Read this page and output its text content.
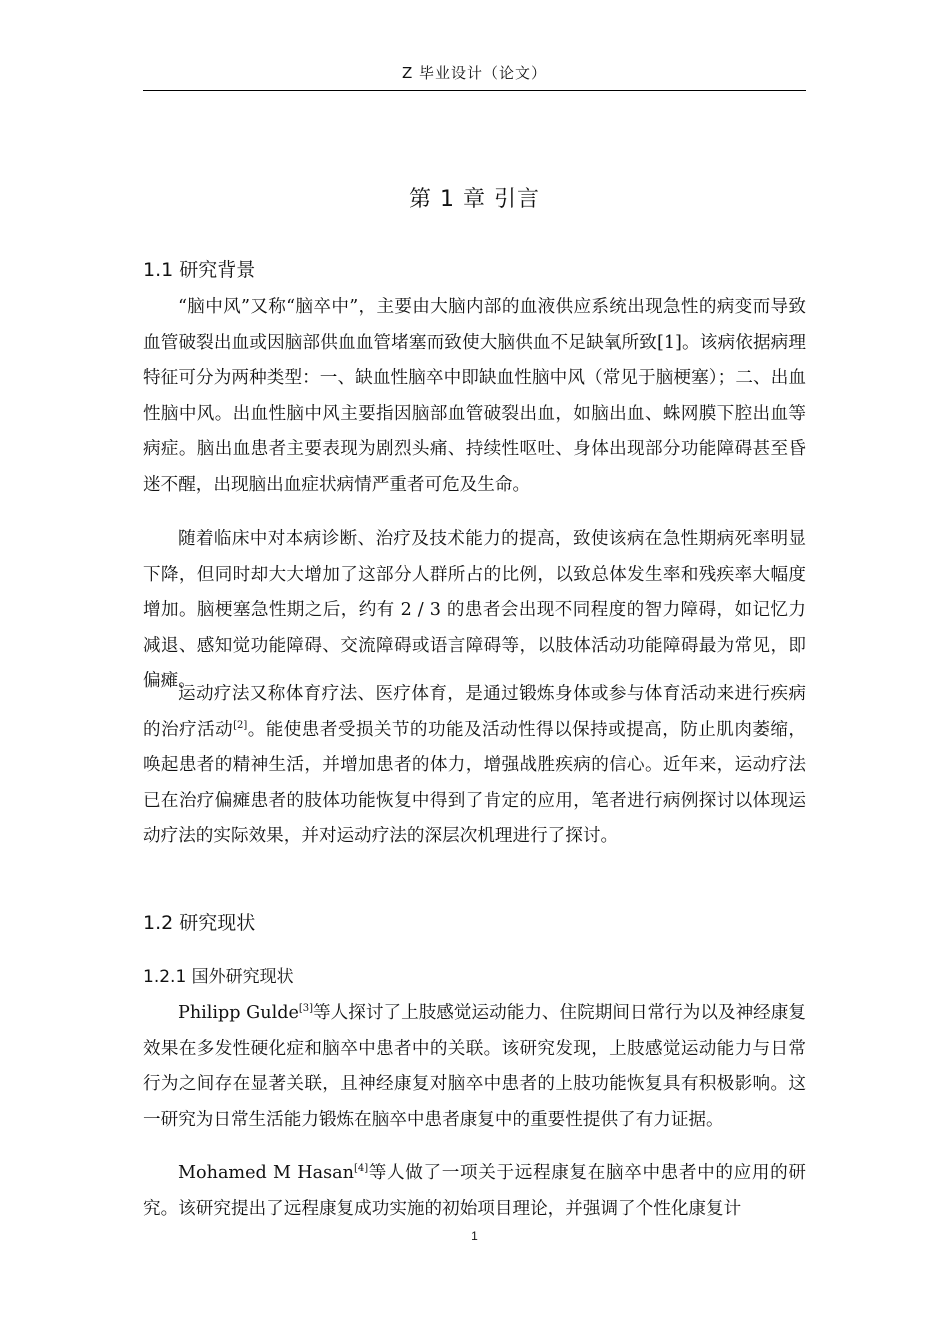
Z 毕业设计（论文）
第 1 章 引言
1.1 研究背景

“脑中风”又称“脑卒中”，主要由大脑内部的血液供应系统出现急性的病变而导致血管破裂出血或因脑部供血血管堵塞而致使大脑供血不足缺氧所致[1]。该病依据病理特征可分为两种类型：一、缺血性脑卒中即缺血性脑中风（常见于脑梗塞）；二、出血性脑中风。出血性脑中风主要指因脑部血管破裂出血，如脑出血、蛛网膜下腔出血等病症。脑出血患者主要表现为剧烈头痛、持续性呕吐、身体出现部分功能障碍甚至昏迷不醒，出现脑出血症状病情严重者可危及生命。

随着临床中对本病诊断、治疗及技术能力的提高，致使该病在急性期病死率明显下降，但同时却大大增加了这部分人群所占的比例，以致总体发生率和残疾率大幅度增加。脑梗塞急性期之后，约有 2 / 3 的患者会出现不同程度的智力障碍，如记忆力减退、感知觉功能障碍、交流障碍或语言障碍等，以肢体活动功能障碍最为常见，即偏瘫。

运动疗法又称体育疗法、医疗体育，是通过锻炼身体或参与体育活动来进行疾病的治疗活动[2]。能使患者受损关节的功能及活动性得以保持或提高，防止肌肉萎缩，唤起患者的精神生活，并增加患者的体力，增强战胜疾病的信心。近年来，运动疗法已在治疗偏瘫患者的肢体功能恢复中得到了肯定的应用，笔者进行病例探讨以体现运动疗法的实际效果，并对运动疗法的深层次机理进行了探讨。

1.2 研究现状
1.2.1 国外研究现状

Philipp Gulde[3]等人探讨了上肢感觉运动能力、住院期间日常行为以及神经康复效果在多发性硬化症和脑卒中患者中的关联。该研究发现，上肢感觉运动能力与日常行为之间存在显著关联，且神经康复对脑卒中患者的上肢功能恢复具有积极影响。这一研究为日常生活能力锻炼在脑卒中患者康复中的重要性提供了有力证据。

Mohamed M Hasan[4]等人做了一项关于远程康复在脑卒中患者中的应用的研究。该研究提出了远程康复成功实施的初始项目理论，并强调了个性化康复计

1
